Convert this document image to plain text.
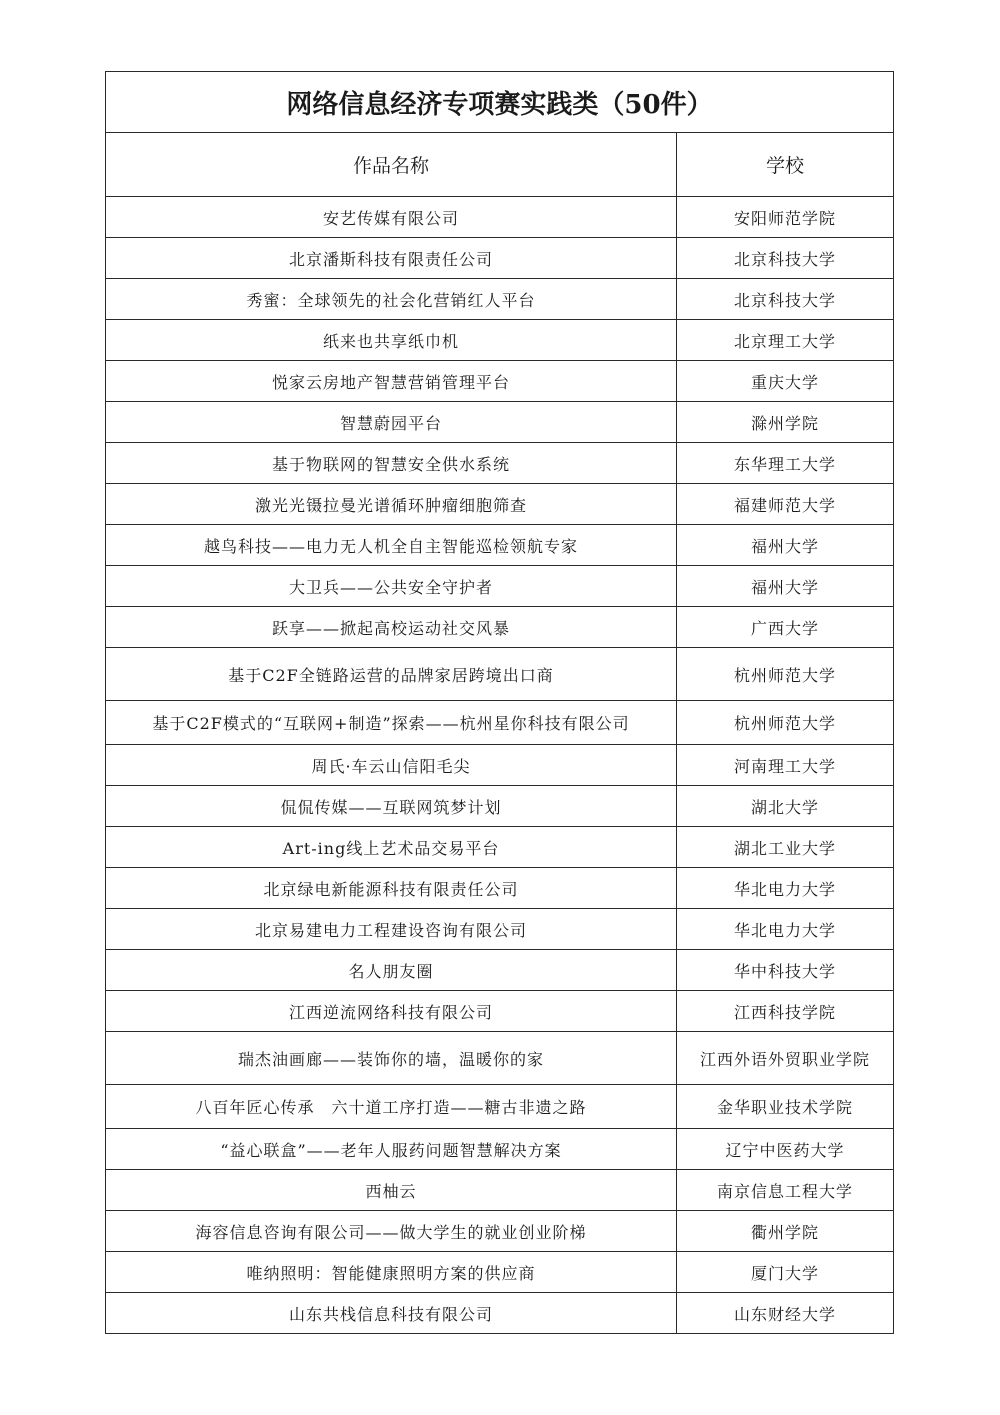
网络信息经济专项赛实践类（50件）	
作品名称	学校
安艺传媒有限公司	安阳师范学院
北京潘斯科技有限责任公司	北京科技大学
秀蜜：全球领先的社会化营销红人平台	北京科技大学
纸来也共享纸巾机	北京理工大学
悦家云房地产智慧营销管理平台	重庆大学
智慧蔚园平台	滁州学院
基于物联网的智慧安全供水系统	东华理工大学
激光光镊拉曼光谱循环肿瘤细胞筛查	福建师范大学
越鸟科技——电力无人机全自主智能巡检领航专家	福州大学
大卫兵——公共安全守护者	福州大学
跃享——掀起高校运动社交风暴	广西大学
基于C2F全链路运营的品牌家居跨境出口商	杭州师范大学
基于C2F模式的“互联网+制造”探索——杭州星你科技有限公司	杭州师范大学
周氏·车云山信阳毛尖	河南理工大学
侃侃传媒——互联网筑梦计划	湖北大学
Art-ing线上艺术品交易平台	湖北工业大学
北京绿电新能源科技有限责任公司	华北电力大学
北京易建电力工程建设咨询有限公司	华北电力大学
名人朋友圈	华中科技大学
江西逆流网络科技有限公司	江西科技学院
瑞杰油画廊——装饰你的墙，温暖你的家	江西外语外贸职业学院
八百年匠心传承　六十道工序打造——糖古非遗之路	金华职业技术学院
“益心联盒”——老年人服药问题智慧解决方案	辽宁中医药大学
西柚云	南京信息工程大学
海容信息咨询有限公司——做大学生的就业创业阶梯	衢州学院
唯纳照明：智能健康照明方案的供应商	厦门大学
山东共栈信息科技有限公司	山东财经大学
